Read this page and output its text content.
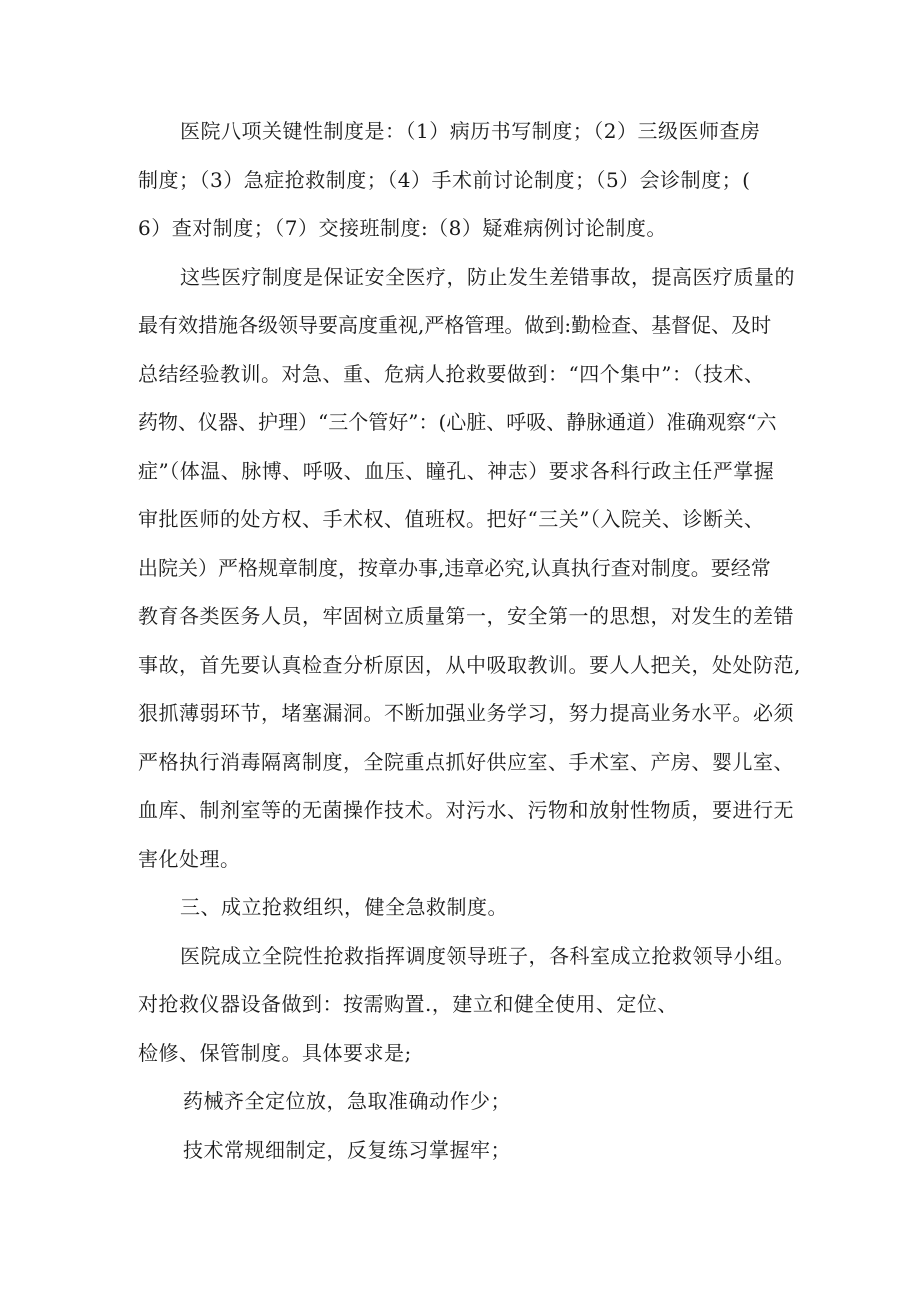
医院八项关键性制度是：（1）病历书写制度；（2）三级医师查房
制度；（3）急症抢救制度；（4）手术前讨论制度；（5）会诊制度；(
6）查对制度；（7）交接班制度:（8）疑难病例讨论制度。
这些医疗制度是保证安全医疗，防止发生差错事故，提高医疗质量的
最有效措施各级领导要高度重视,严格管理。做到:勤检查、基督促、及时
总结经验教训。对急、重、危病人抢救要做到：“四个集中”：（技术、
药物、仪器、护理）“三个管好”：(心脏、呼吸、静脉通道）准确观察“六
症”（体温、脉博、呼吸、血压、瞳孔、神志）要求各科行政主任严掌握
审批医师的处方权、手术权、值班权。把好“三关”（入院关、诊断关、
出院关）严格规章制度，按章办事,违章必究,认真执行查对制度。要经常
教育各类医务人员，牢固树立质量第一，安全第一的思想，对发生的差错
事故，首先要认真检查分析原因，从中吸取教训。要人人把关，处处防范,
狠抓薄弱环节，堵塞漏洞。不断加强业务学习，努力提高业务水平。必须
严格执行消毒隔离制度，全院重点抓好供应室、手术室、产房、婴儿室、
血库、制剂室等的无菌操作技术。对污水、污物和放射性物质，要进行无
害化处理。
三、成立抢救组织，健全急救制度。
医院成立全院性抢救指挥调度领导班子，各科室成立抢救领导小组。
对抢救仪器设备做到：按需购置.，建立和健全使用、定位、
检修、保管制度。具体要求是;
药械齐全定位放，急取准确动作少；
技术常规细制定，反复练习掌握牢；
